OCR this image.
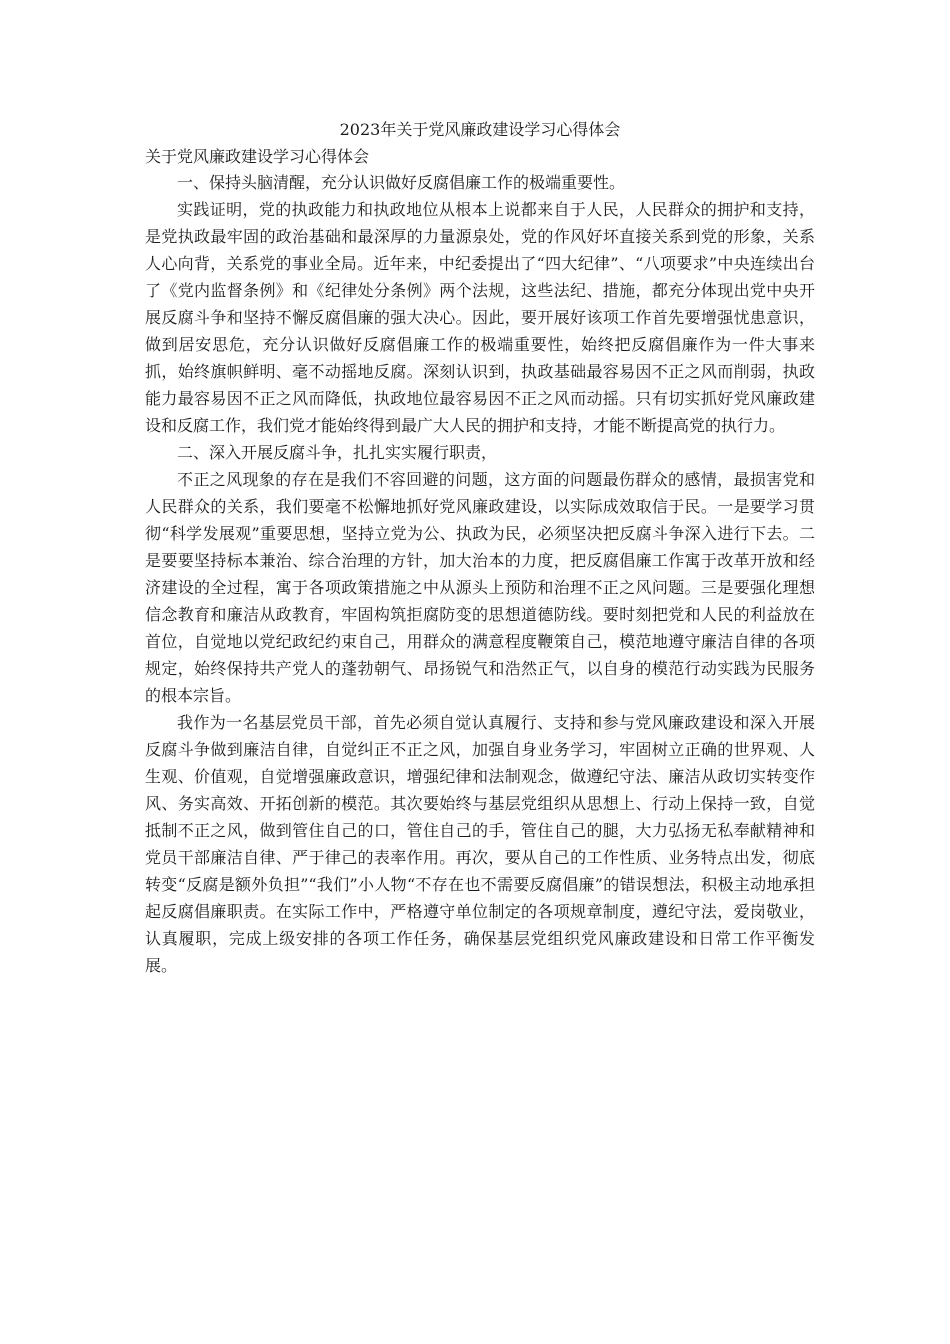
2023年关于党风廉政建设学习心得体会

关于党风廉政建设学习心得体会

一、保持头脑清醒，充分认识做好反腐倡廉工作的极端重要性。

实践证明，党的执政能力和执政地位从根本上说都来自于人民，人民群众的拥护和支持，是党执政最牢固的政治基础和最深厚的力量源泉处，党的作风好坏直接关系到党的形象，关系人心向背，关系党的事业全局。近年来，中纪委提出了“四大纪律”、“八项要求”中央连续出台了《党内监督条例》和《纪律处分条例》两个法规，这些法纪、措施，都充分体现出党中央开展反腐斗争和坚持不懈反腐倡廉的强大决心。因此，要开展好该项工作首先要增强忧患意识，做到居安思危，充分认识做好反腐倡廉工作的极端重要性，始终把反腐倡廉作为一件大事来抓，始终旗帜鲜明、毫不动摇地反腐。深刻认识到，执政基础最容易因不正之风而削弱，执政能力最容易因不正之风而降低，执政地位最容易因不正之风而动摇。只有切实抓好党风廉政建设和反腐工作，我们党才能始终得到最广大人民的拥护和支持，才能不断提高党的执行力。

二、深入开展反腐斗争，扎扎实实履行职责，

不正之风现象的存在是我们不容回避的问题，这方面的问题最伤群众的感情，最损害党和人民群众的关系，我们要毫不松懈地抓好党风廉政建设，以实际成效取信于民。一是要学习贯彻“科学发展观”重要思想，坚持立党为公、执政为民，必须坚决把反腐斗争深入进行下去。二是要要坚持标本兼治、综合治理的方针，加大治本的力度，把反腐倡廉工作寓于改革开放和经济建设的全过程，寓于各项政策措施之中从源头上预防和治理不正之风问题。三是要强化理想信念教育和廉洁从政教育，牢固构筑拒腐防变的思想道德防线。要时刻把党和人民的利益放在首位，自觉地以党纪政纪约束自己，用群众的满意程度鞭策自己，模范地遵守廉洁自律的各项规定，始终保持共产党人的蓬勃朝气、昂扬锐气和浩然正气，以自身的模范行动实践为民服务的根本宗旨。

我作为一名基层党员干部，首先必须自觉认真履行、支持和参与党风廉政建设和深入开展反腐斗争做到廉洁自律，自觉纠正不正之风，加强自身业务学习，牢固树立正确的世界观、人生观、价值观，自觉增强廉政意识，增强纪律和法制观念，做遵纪守法、廉洁从政切实转变作风、务实高效、开拓创新的模范。其次要始终与基层党组织从思想上、行动上保持一致，自觉抵制不正之风，做到管住自己的口，管住自己的手，管住自己的腿，大力弘扬无私奉献精神和党员干部廉洁自律、严于律己的表率作用。再次，要从自己的工作性质、业务特点出发，彻底转变“反腐是额外负担”“我们”小人物“不存在也不需要反腐倡廉”的错误想法，积极主动地承担起反腐倡廉职责。在实际工作中，严格遵守单位制定的各项规章制度，遵纪守法，爱岗敬业，认真履职，完成上级安排的各项工作任务，确保基层党组织党风廉政建设和日常工作平衡发展。
